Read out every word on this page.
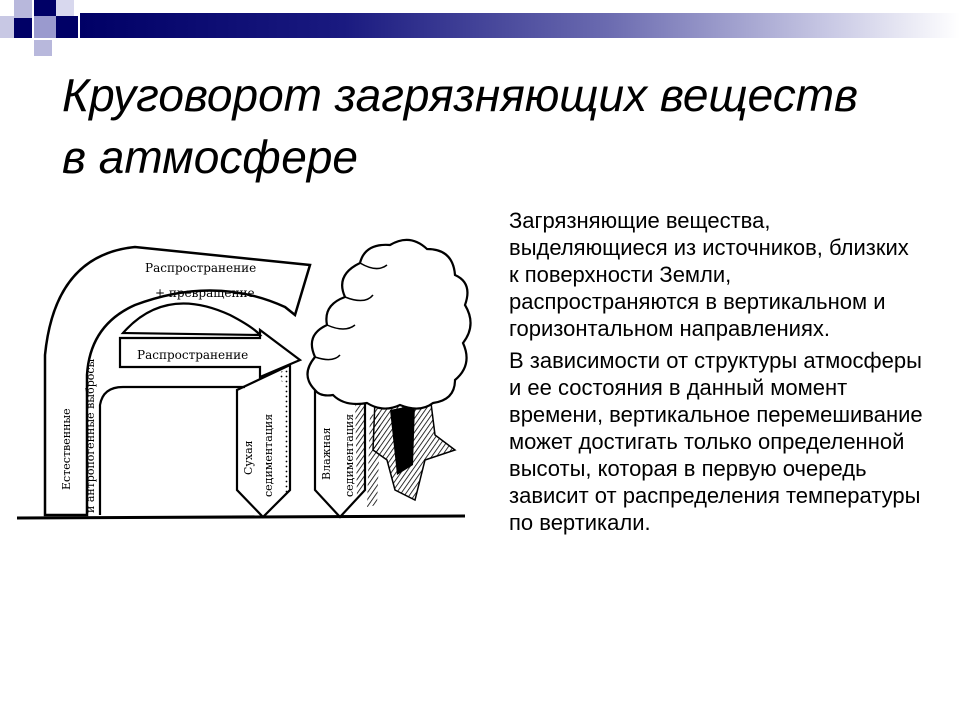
Круговорот загрязняющих веществ в атмосфере
Загрязняющие вещества, выделяющиеся из источников, близких к поверхности Земли, распространяются в вертикальном и горизонтальном направлениях.
В зависимости от структуры атмосферы и ее состояния в данный момент времени, вертикальное перемешивание может достигать только определенной высоты, которая в первую очередь зависит от распределения температуры по вертикали.
Распространение
+ превращение
Распространение
Естественные и антропогенные выбросы	Сухая седиментация	Влажная седиментация
